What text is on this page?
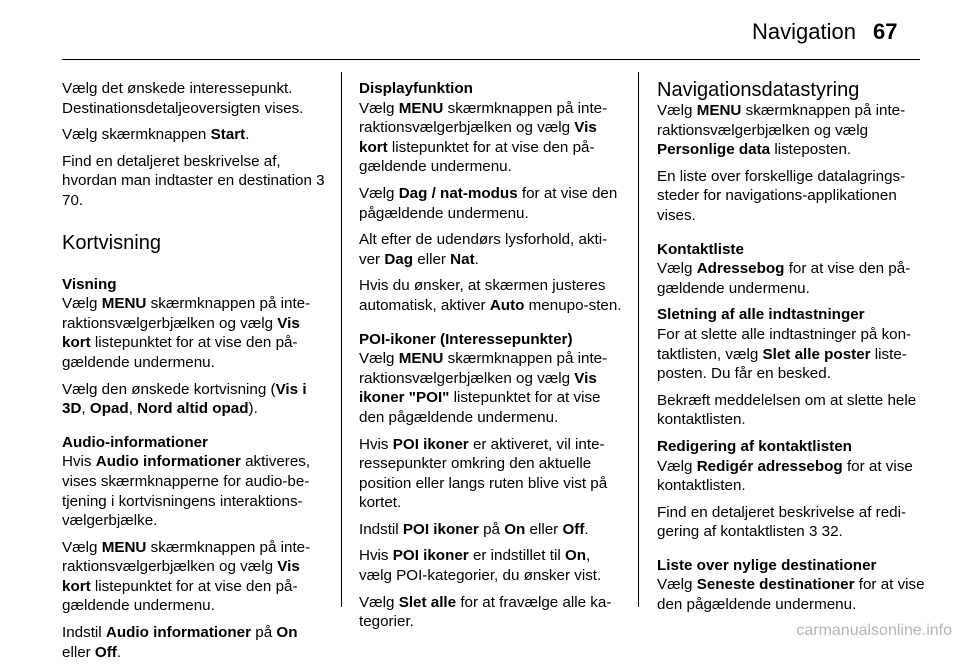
Navigation 67

Vælg det ønskede interessepunkt. Destinationsdetaljeoversigten vises.

Vælg skærmknappen Start.

Find en detaljeret beskrivelse af, hvordan man indtaster en destination 3 70.

Kortvisning
Visning

Vælg MENU skærmknappen på inte-raktionsvælgerbjælken og vælg Vis kort listepunktet for at vise den på-gældende undermenu.

Vælg den ønskede kortvisning (Vis i 3D, Opad, Nord altid opad).

Audio-informationer

Hvis Audio informationer aktiveres, vises skærmknapperne for audio-be-tjening i kortvisningens interaktions-vælgerbjælke.

Vælg MENU skærmknappen på inte-raktionsvælgerbjælken og vælg Vis kort listepunktet for at vise den på-gældende undermenu.

Indstil Audio informationer på On eller Off.

Displayfunktion

Vælg MENU skærmknappen på inte-raktionsvælgerbjælken og vælg Vis kort listepunktet for at vise den på-gældende undermenu.

Vælg Dag / nat-modus for at vise den pågældende undermenu.

Alt efter de udendørs lysforhold, akti-ver Dag eller Nat.

Hvis du ønsker, at skærmen justeres automatisk, aktiver Auto menupo-sten.

POI-ikoner (Interessepunkter)

Vælg MENU skærmknappen på inte-raktionsvælgerbjælken og vælg Vis ikoner "POI" listepunktet for at vise den pågældende undermenu.

Hvis POI ikoner er aktiveret, vil inte-ressepunkter omkring den aktuelle position eller langs ruten blive vist på kortet.

Indstil POI ikoner på On eller Off.

Hvis POI ikoner er indstillet til On, vælg POI-kategorier, du ønsker vist.

Vælg Slet alle for at fravælge alle ka-tegorier.

Navigationsdatastyring

Vælg MENU skærmknappen på inte-raktionsvælgerbjælken og vælg Personlige data listeposten.

En liste over forskellige datalagrings-steder for navigations-applikationen vises.

Kontaktliste

Vælg Adressebog for at vise den på-gældende undermenu.

Sletning af alle indtastninger

For at slette alle indtastninger på kon-taktlisten, vælg Slet alle poster liste-posten. Du får en besked.

Bekræft meddelelsen om at slette hele kontaktlisten.

Redigering af kontaktlisten

Vælg Redigér adressebog for at vise kontaktlisten.

Find en detaljeret beskrivelse af redi-gering af kontaktlisten 3 32.

Liste over nylige destinationer

Vælg Seneste destinationer for at vise den pågældende undermenu.

carmanualsonline.info
